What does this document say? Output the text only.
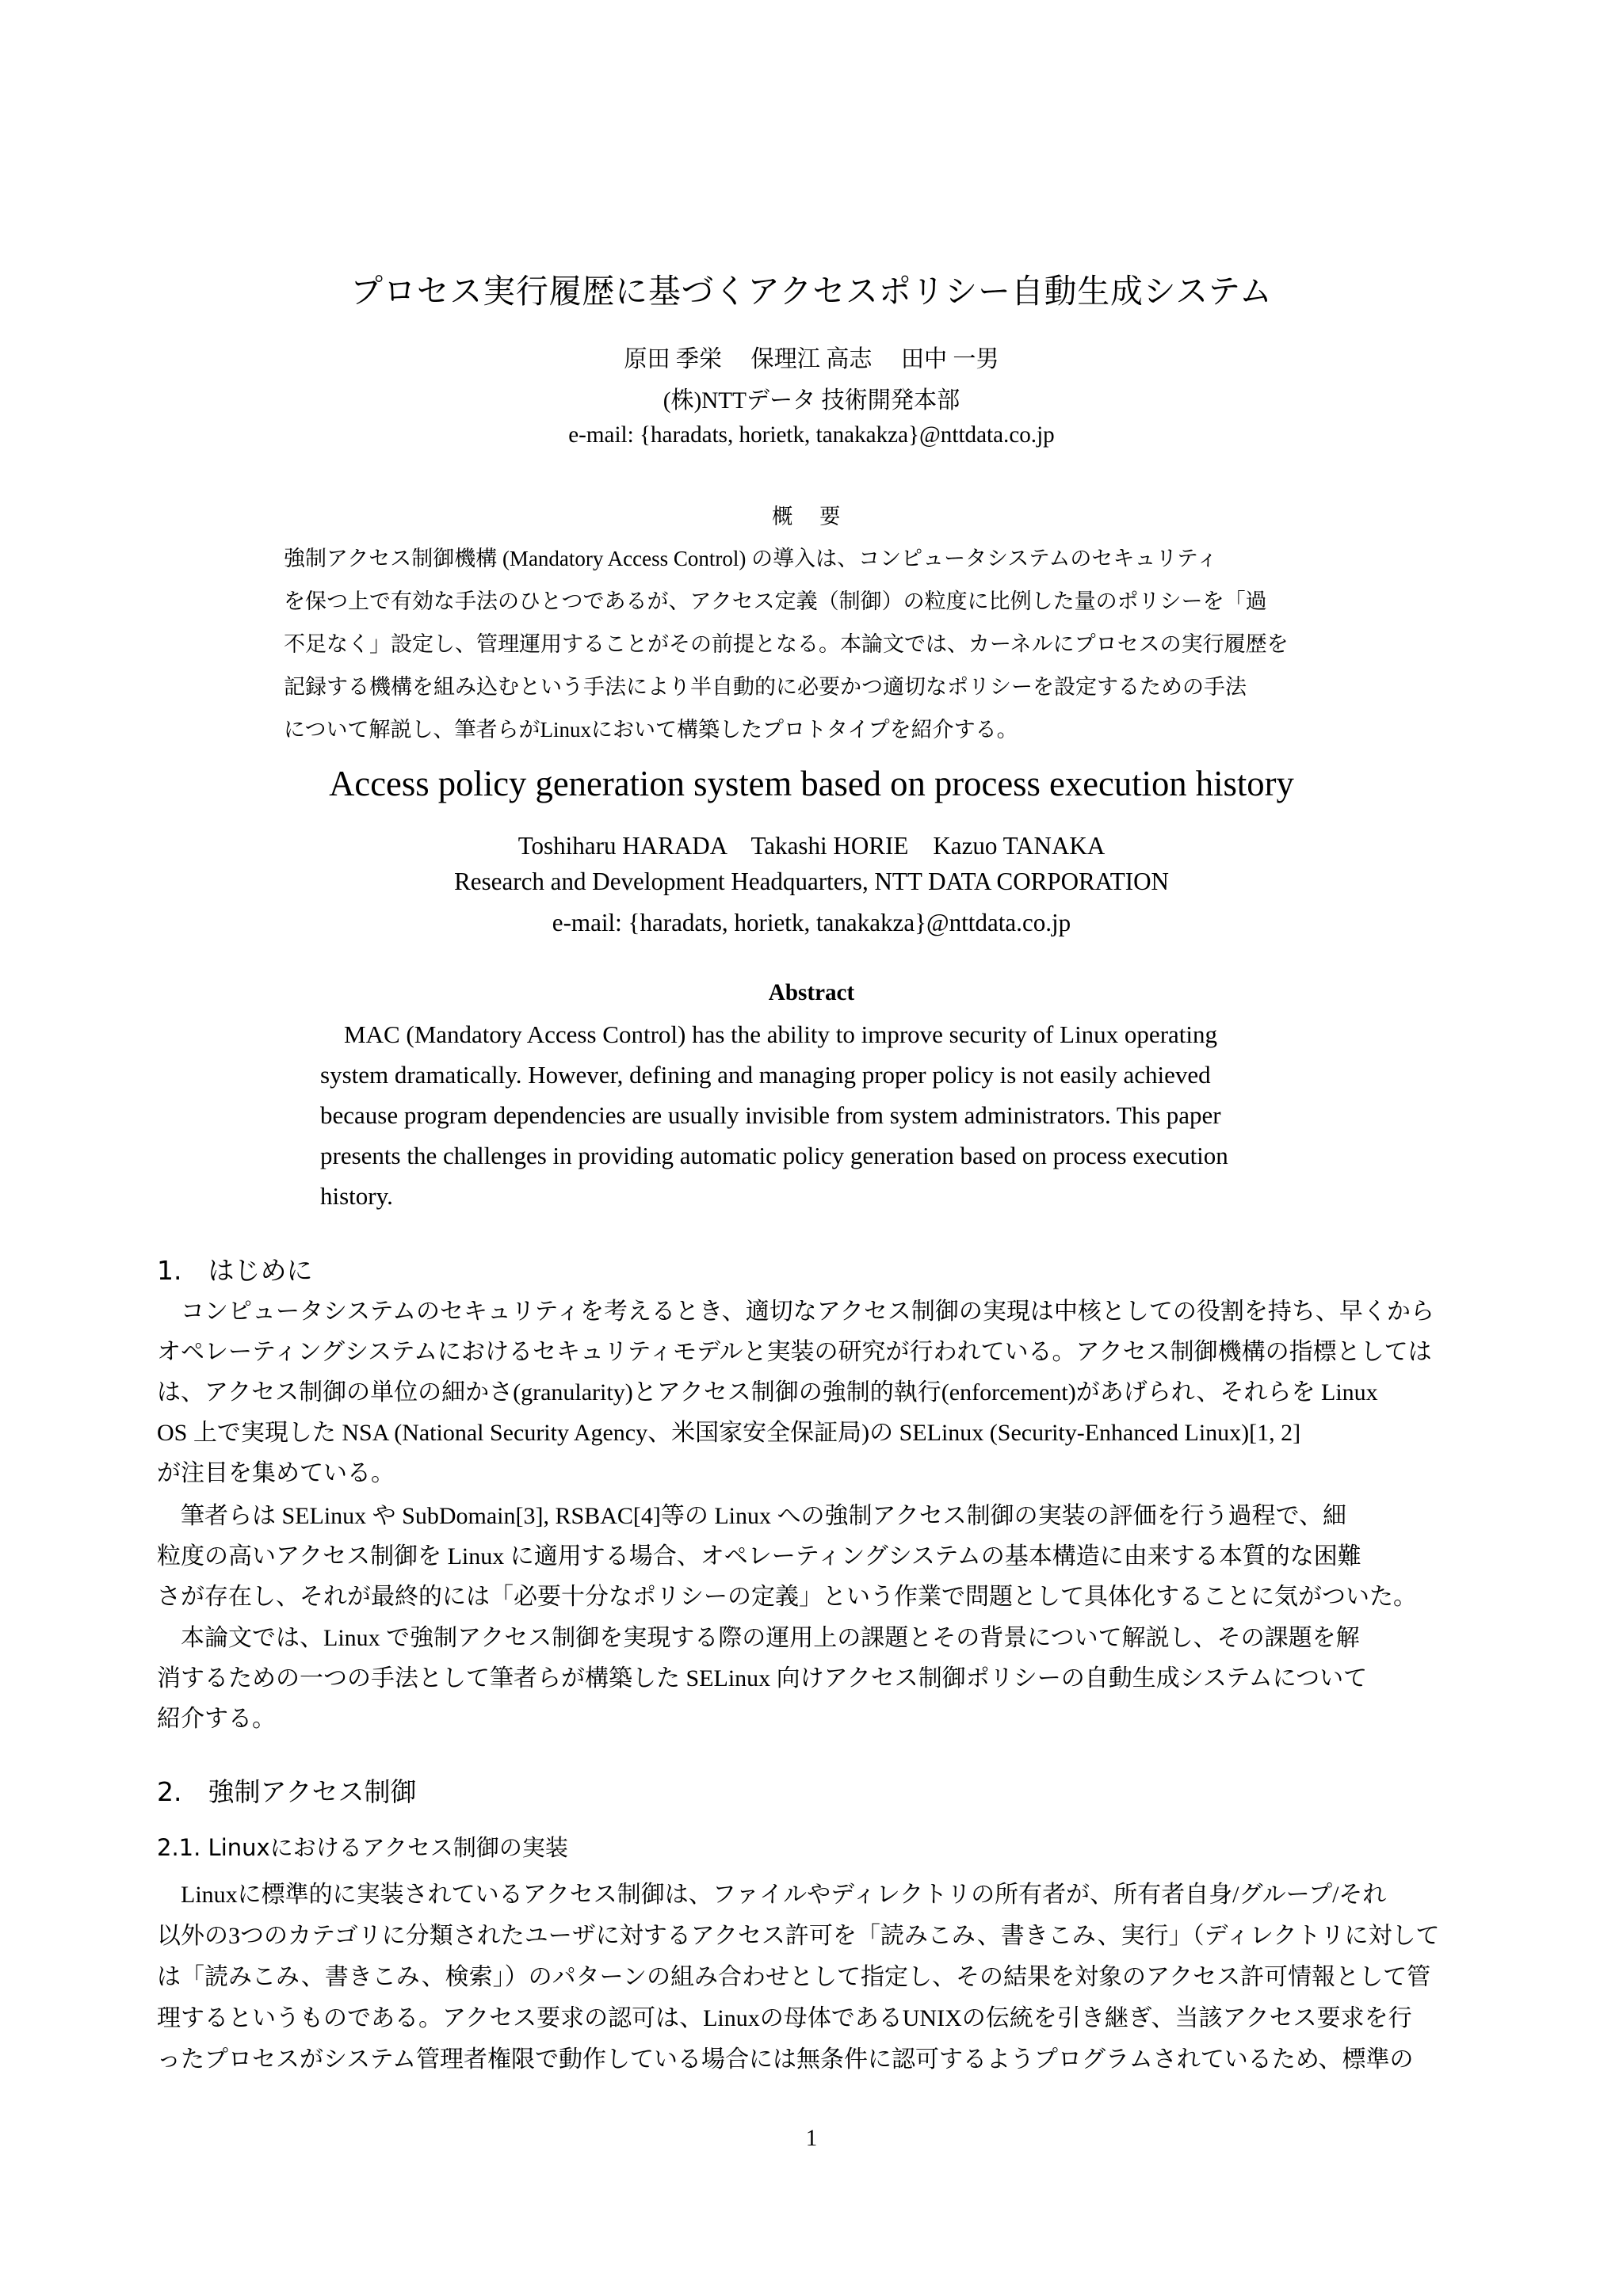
プロセス実行履歴に基づくアクセスポリシー自動生成システム
原田 季栄　 保理江 高志　 田中 一男
(株)NTTデータ 技術開発本部
e-mail: {haradats, horietk, tanakakza}@nttdata.co.jp
概 要
強制アクセス制御機構 (Mandatory Access Control) の導入は、コンピュータシステムのセキュリティ
を保つ上で有効な手法のひとつであるが、アクセス定義（制御）の粒度に比例した量のポリシーを「過
不足なく」設定し、管理運用することがその前提となる。本論文では、カーネルにプロセスの実行履歴を
記録する機構を組み込むという手法により半自動的に必要かつ適切なポリシーを設定するための手法
について解説し、筆者らがLinuxにおいて構築したプロトタイプを紹介する。
Access policy generation system based on process execution history
Toshiharu HARADA　Takashi HORIE　Kazuo TANAKA
Research and Development Headquarters, NTT DATA CORPORATION
e-mail: {haradats, horietk, tanakakza}@nttdata.co.jp
Abstract
MAC (Mandatory Access Control) has the ability to improve security of Linux operating
system dramatically. However, defining and managing proper policy is not easily achieved
because program dependencies are usually invisible from system administrators. This paper
presents the challenges in providing automatic policy generation based on process execution
history.
1.　はじめに
　コンピュータシステムのセキュリティを考えるとき、適切なアクセス制御の実現は中核としての役割を持ち、早くから
オペレーティングシステムにおけるセキュリティモデルと実装の研究が行われている。アクセス制御機構の指標としては
は、アクセス制御の単位の細かさ(granularity)とアクセス制御の強制的執行(enforcement)があげられ、それらを Linux
OS 上で実現した NSA (National Security Agency、米国家安全保証局)の SELinux (Security-Enhanced Linux)[1, 2]
が注目を集めている。
　筆者らは SELinux や SubDomain[3], RSBAC[4]等の Linux への強制アクセス制御の実装の評価を行う過程で、細
粒度の高いアクセス制御を Linux に適用する場合、オペレーティングシステムの基本構造に由来する本質的な困難
さが存在し、それが最終的には「必要十分なポリシーの定義」という作業で問題として具体化することに気がついた。
　本論文では、Linux で強制アクセス制御を実現する際の運用上の課題とその背景について解説し、その課題を解
消するための一つの手法として筆者らが構築した SELinux 向けアクセス制御ポリシーの自動生成システムについて
紹介する。
2.　強制アクセス制御
2.1. Linuxにおけるアクセス制御の実装
　Linuxに標準的に実装されているアクセス制御は、ファイルやディレクトリの所有者が、所有者自身/グループ/それ
以外の3つのカテゴリに分類されたユーザに対するアクセス許可を「読みこみ、書きこみ、実行」（ディレクトリに対して
は「読みこみ、書きこみ、検索」）のパターンの組み合わせとして指定し、その結果を対象のアクセス許可情報として管
理するというものである。アクセス要求の認可は、Linuxの母体であるUNIXの伝統を引き継ぎ、当該アクセス要求を行
ったプロセスがシステム管理者権限で動作している場合には無条件に認可するようプログラムされているため、標準の
1
